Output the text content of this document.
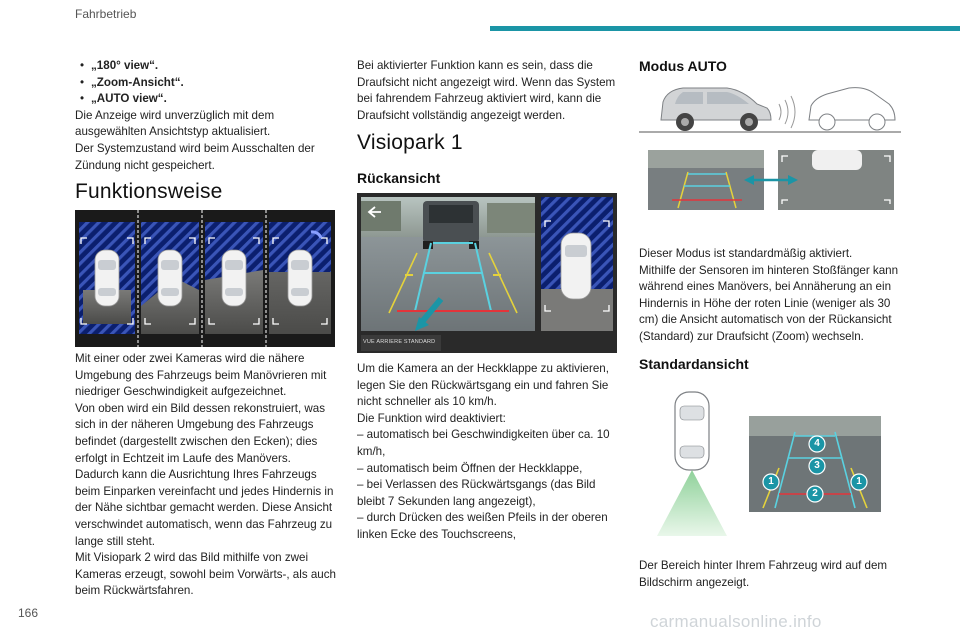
Fahrbetrieb
• „180° view“.
• „Zoom-Ansicht“.
• „AUTO view“.

Die Anzeige wird unverzüglich mit dem ausgewählten Ansichtstyp aktualisiert.
Der Systemzustand wird beim Ausschalten der Zündung nicht gespeichert.

Funktionsweise

Mit einer oder zwei Kameras wird die nähere Umgebung des Fahrzeugs beim Manövrieren mit niedriger Geschwindigkeit aufgezeichnet.
Von oben wird ein Bild dessen rekonstruiert, was sich in der näheren Umgebung des Fahrzeugs befindet (dargestellt zwischen den Ecken); dies erfolgt in Echtzeit im Laufe des Manövers.
Dadurch kann die Ausrichtung Ihres Fahrzeugs beim Einparken vereinfacht und jedes Hindernis in der Nähe sichtbar gemacht werden. Diese Ansicht verschwindet automatisch, wenn das Fahrzeug zu lange still steht.
Mit Visiopark 2 wird das Bild mithilfe von zwei Kameras erzeugt, sowohl beim Vorwärts-, als auch beim Rückwärtsfahren.

Bei aktivierter Funktion kann es sein, dass die Draufsicht nicht angezeigt wird. Wenn das System bei fahrendem Fahrzeug aktiviert wird, kann die Draufsicht vollständig angezeigt werden.

Visiopark 1
Rückansicht
VUE ARRIERE STANDARD

Um die Kamera an der Heckklappe zu aktivieren, legen Sie den Rückwärtsgang ein und fahren Sie nicht schneller als 10 km/h.
Die Funktion wird deaktiviert:
– automatisch bei Geschwindigkeiten über ca. 10 km/h,
– automatisch beim Öffnen der Heckklappe,
– bei Verlassen des Rückwärtsgangs (das Bild bleibt 7 Sekunden lang angezeigt),
– durch Drücken des weißen Pfeils in der oberen linken Ecke des Touchscreens,

Modus AUTO

Dieser Modus ist standardmäßig aktiviert.
Mithilfe der Sensoren im hinteren Stoßfänger kann während eines Manövers, bei Annäherung an ein Hindernis in Höhe der roten Linie (weniger als 30 cm) die Ansicht automatisch von der Rückansicht (Standard) zur Draufsicht (Zoom) wechseln.

Standardansicht
4
3
1
2
1

Der Bereich hinter Ihrem Fahrzeug wird auf dem Bildschirm angezeigt.

166	carmanualsonline.info
